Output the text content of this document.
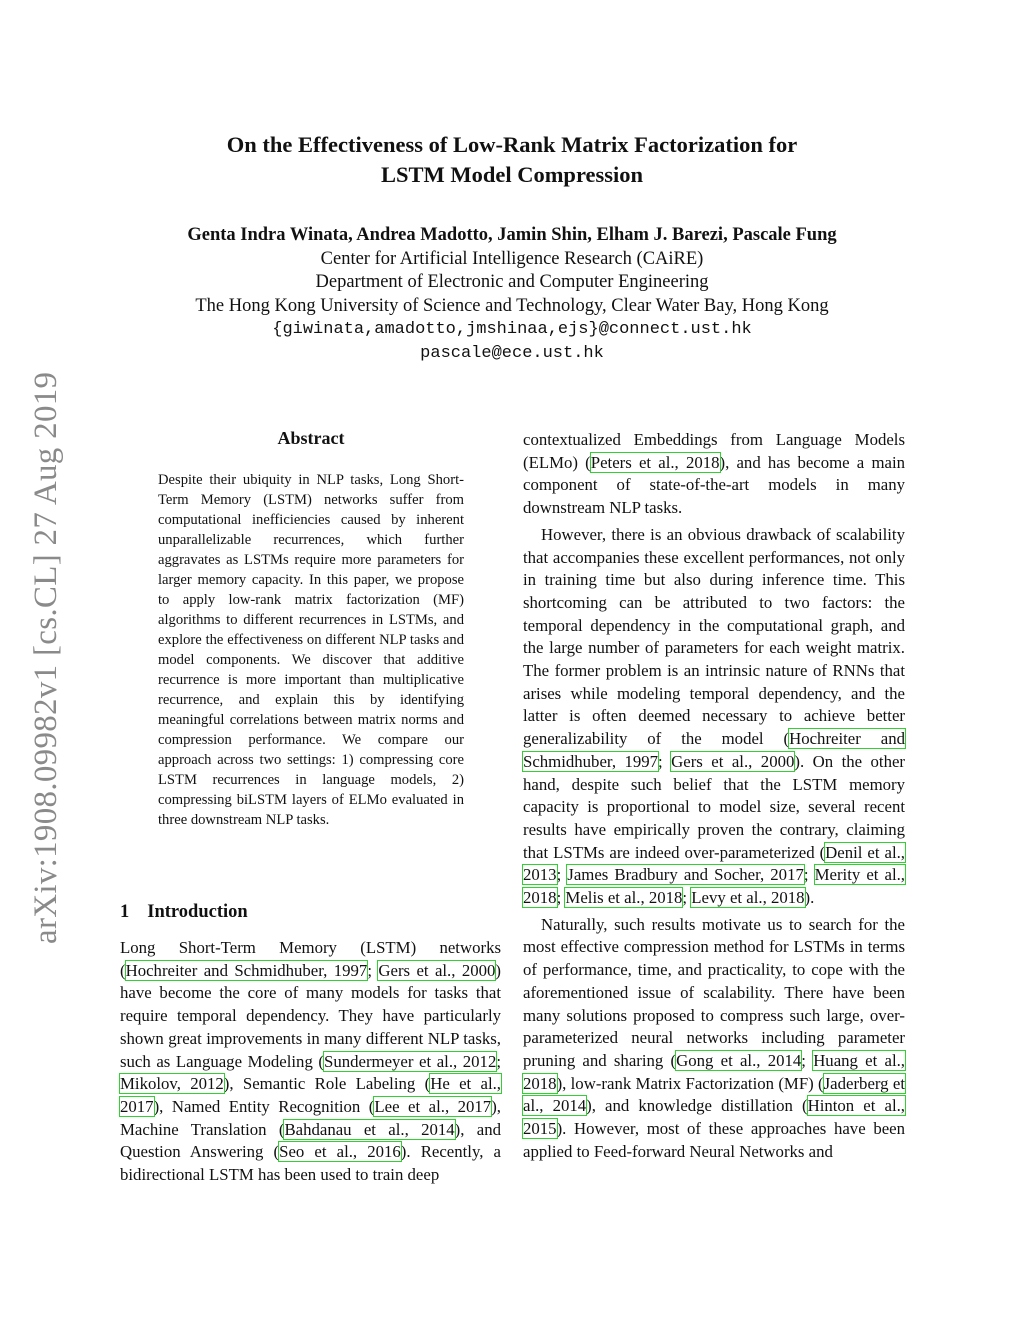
arXiv:1908.09982v1 [cs.CL] 27 Aug 2019
On the Effectiveness of Low-Rank Matrix Factorization for
LSTM Model Compression
Genta Indra Winata, Andrea Madotto, Jamin Shin, Elham J. Barezi, Pascale Fung
Center for Artificial Intelligence Research (CAiRE)
Department of Electronic and Computer Engineering
The Hong Kong University of Science and Technology, Clear Water Bay, Hong Kong
{giwinata,amadotto,jmshinaa,ejs}@connect.ust.hk
pascale@ece.ust.hk
Abstract
Despite their ubiquity in NLP tasks, Long Short-Term Memory (LSTM) networks suffer from computational inefficiencies caused by inherent unparallelizable recurrences, which further aggravates as LSTMs require more parameters for larger memory capacity. In this paper, we propose to apply low-rank matrix factorization (MF) algorithms to different recurrences in LSTMs, and explore the effectiveness on different NLP tasks and model components. We discover that additive recurrence is more important than multiplicative recurrence, and explain this by identifying meaningful correlations between matrix norms and compression performance. We compare our approach across two settings: 1) compressing core LSTM recurrences in language models, 2) compressing biLSTM layers of ELMo evaluated in three downstream NLP tasks.
1 Introduction

Long Short-Term Memory (LSTM) networks (Hochreiter and Schmidhuber, 1997; Gers et al., 2000) have become the core of many models for tasks that require temporal dependency. They have particularly shown great improvements in many different NLP tasks, such as Language Modeling (Sundermeyer et al., 2012; Mikolov, 2012), Semantic Role Labeling (He et al., 2017), Named Entity Recognition (Lee et al., 2017), Machine Translation (Bahdanau et al., 2014), and Question Answering (Seo et al., 2016). Recently, a bidirectional LSTM has been used to train deep

contextualized Embeddings from Language Models (ELMo) (Peters et al., 2018), and has become a main component of state-of-the-art models in many downstream NLP tasks.

However, there is an obvious drawback of scalability that accompanies these excellent performances, not only in training time but also during inference time. This shortcoming can be attributed to two factors: the temporal dependency in the computational graph, and the large number of parameters for each weight matrix. The former problem is an intrinsic nature of RNNs that arises while modeling temporal dependency, and the latter is often deemed necessary to achieve better generalizability of the model (Hochreiter and Schmidhuber, 1997; Gers et al., 2000). On the other hand, despite such belief that the LSTM memory capacity is proportional to model size, several recent results have empirically proven the contrary, claiming that LSTMs are indeed over-parameterized (Denil et al., 2013; James Bradbury and Socher, 2017; Merity et al., 2018; Melis et al., 2018; Levy et al., 2018).

Naturally, such results motivate us to search for the most effective compression method for LSTMs in terms of performance, time, and practicality, to cope with the aforementioned issue of scalability. There have been many solutions proposed to compress such large, over-parameterized neural networks including parameter pruning and sharing (Gong et al., 2014; Huang et al., 2018), low-rank Matrix Factorization (MF) (Jaderberg et al., 2014), and knowledge distillation (Hinton et al., 2015). However, most of these approaches have been applied to Feed-forward Neural Networks and
